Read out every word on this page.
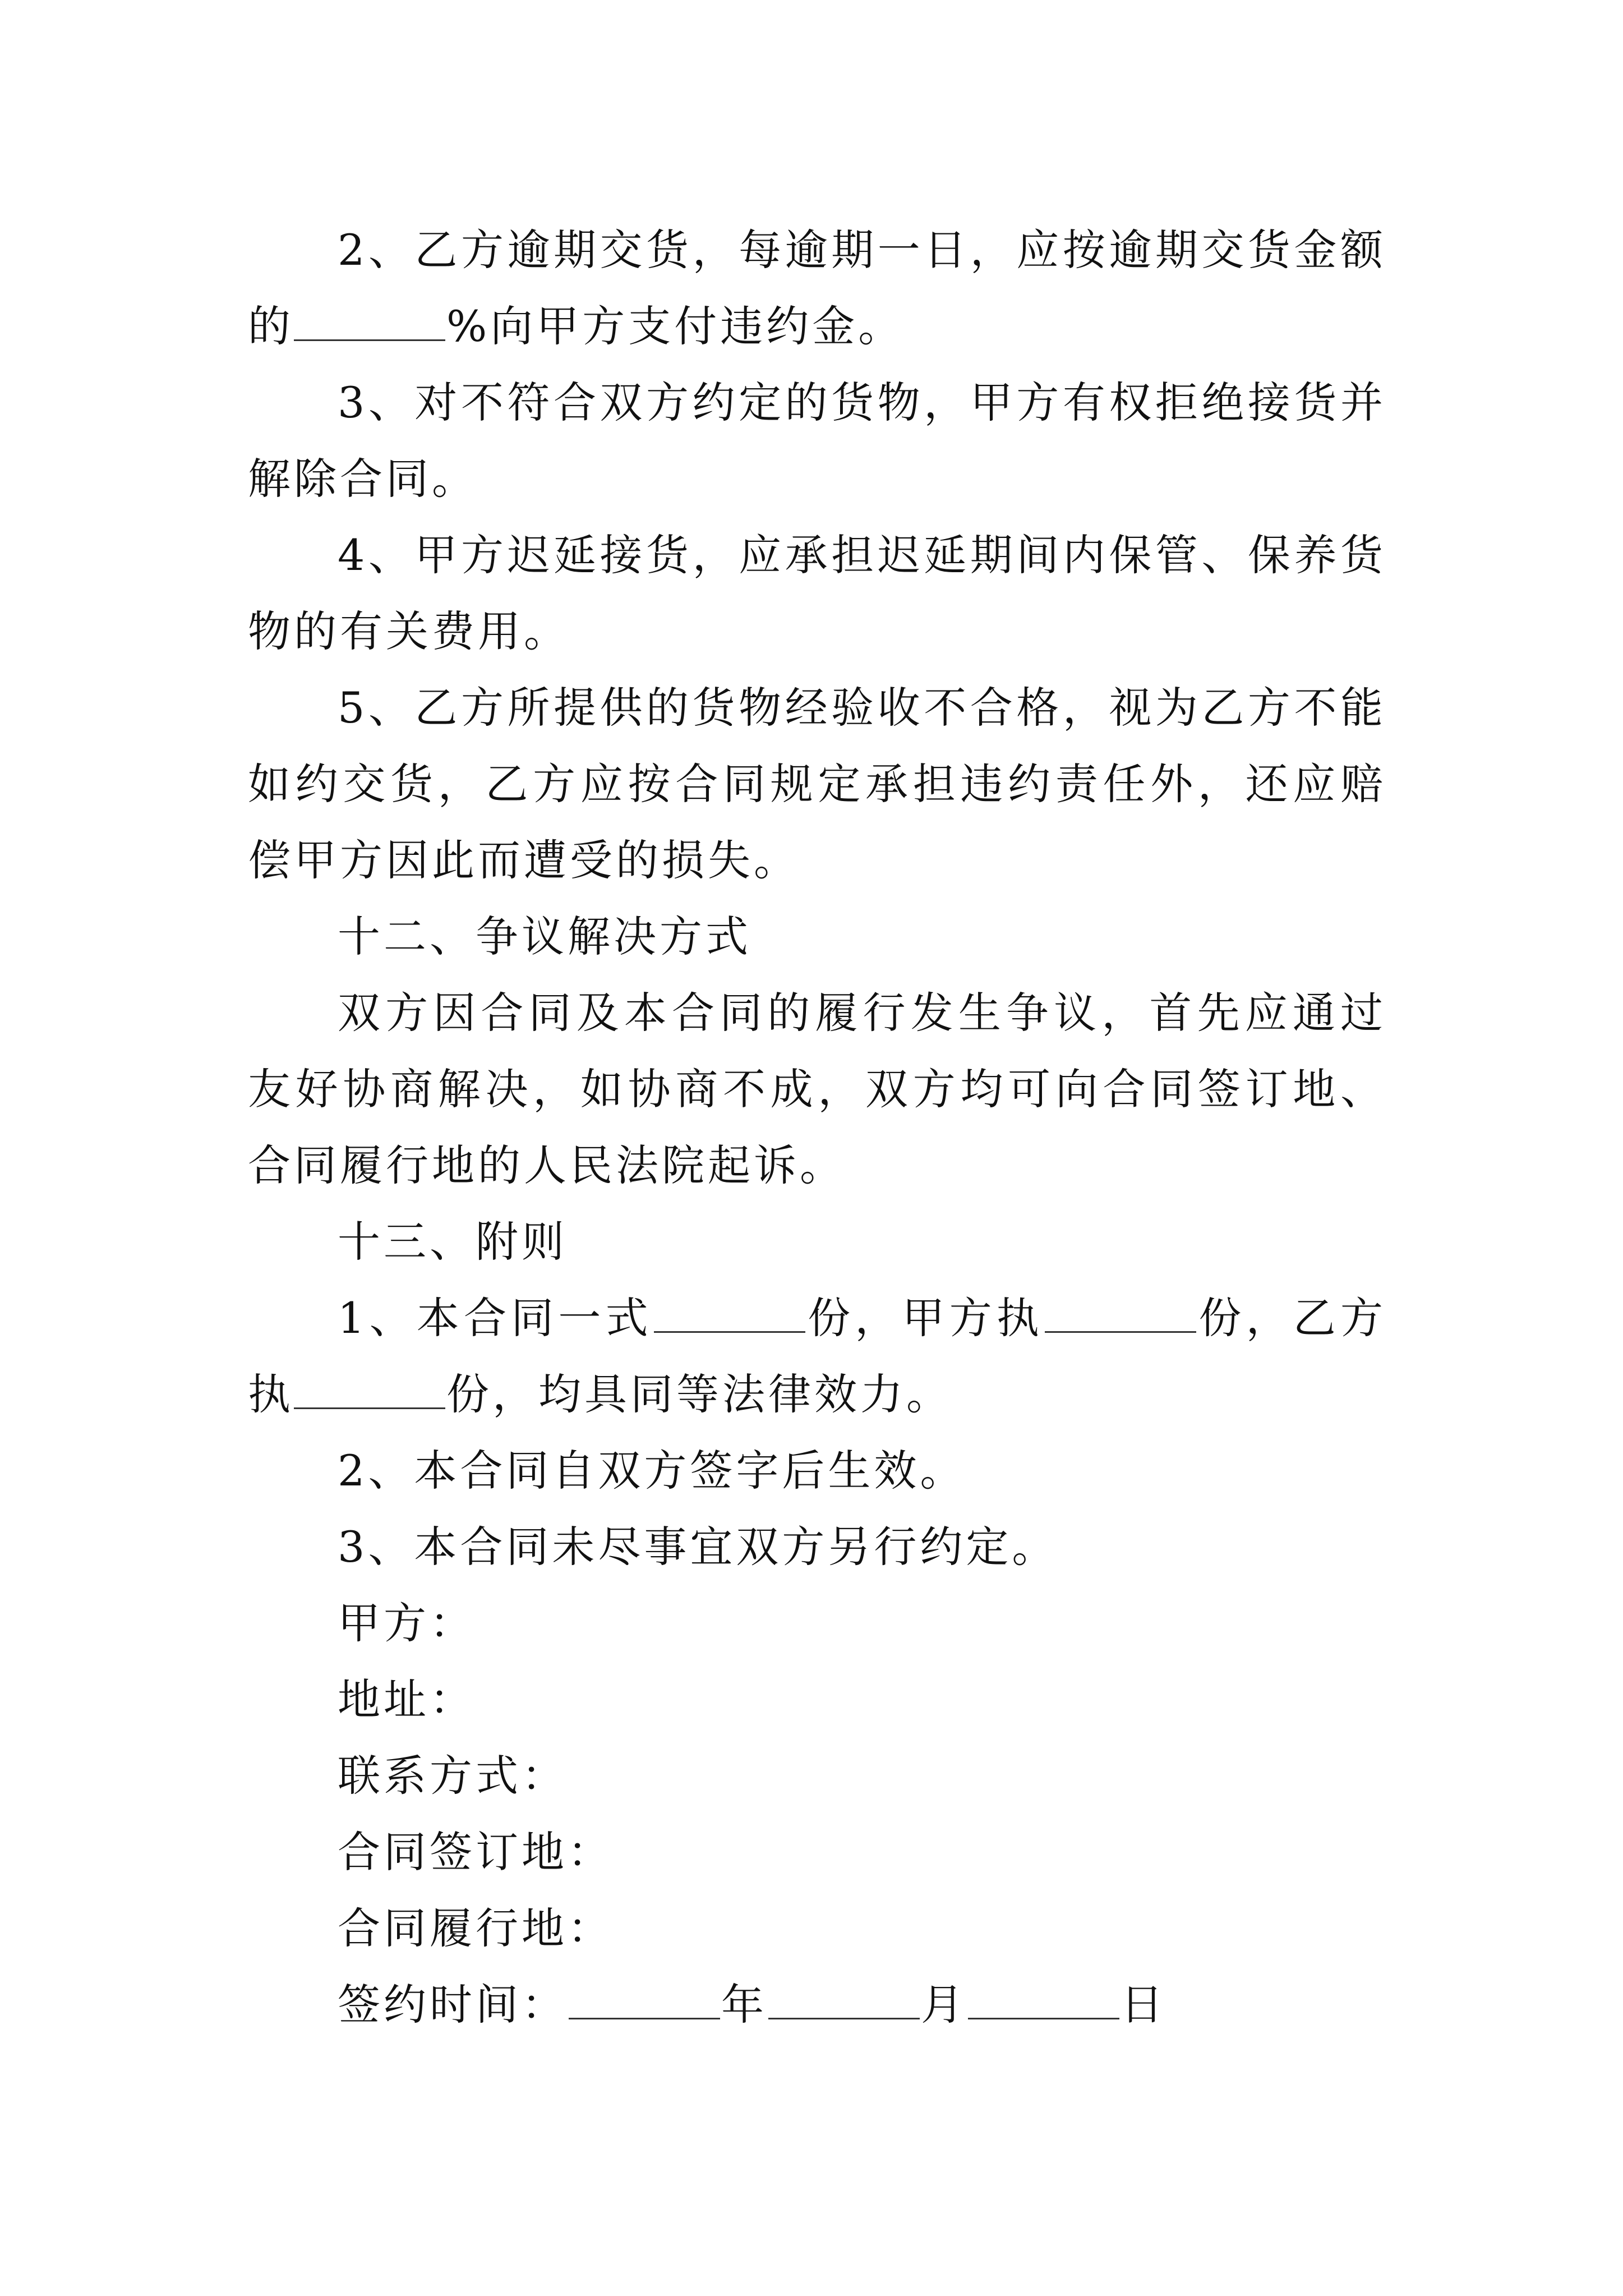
2、乙方逾期交货，每逾期一日，应按逾期交货金额的	%向甲方支付违约金。

3、对不符合双方约定的货物，甲方有权拒绝接货并解除合同。

4、甲方迟延接货，应承担迟延期间内保管、保养货物的有关费用。

5、乙方所提供的货物经验收不合格，视为乙方不能如约交货，乙方应按合同规定承担违约责任外，还应赔偿甲方因此而遭受的损失。

十二、争议解决方式

双方因合同及本合同的履行发生争议，首先应通过友好协商解决，如协商不成，双方均可向合同签订地、合同履行地的人民法院起诉。

十三、附则

1、本合同一式	份，甲方执	份，乙方执	份，均具同等法律效力。

2、本合同自双方签字后生效。

3、本合同未尽事宜双方另行约定。

甲方：

地址：

联系方式：

合同签订地：

合同履行地：

签约时间：	年	月	日
